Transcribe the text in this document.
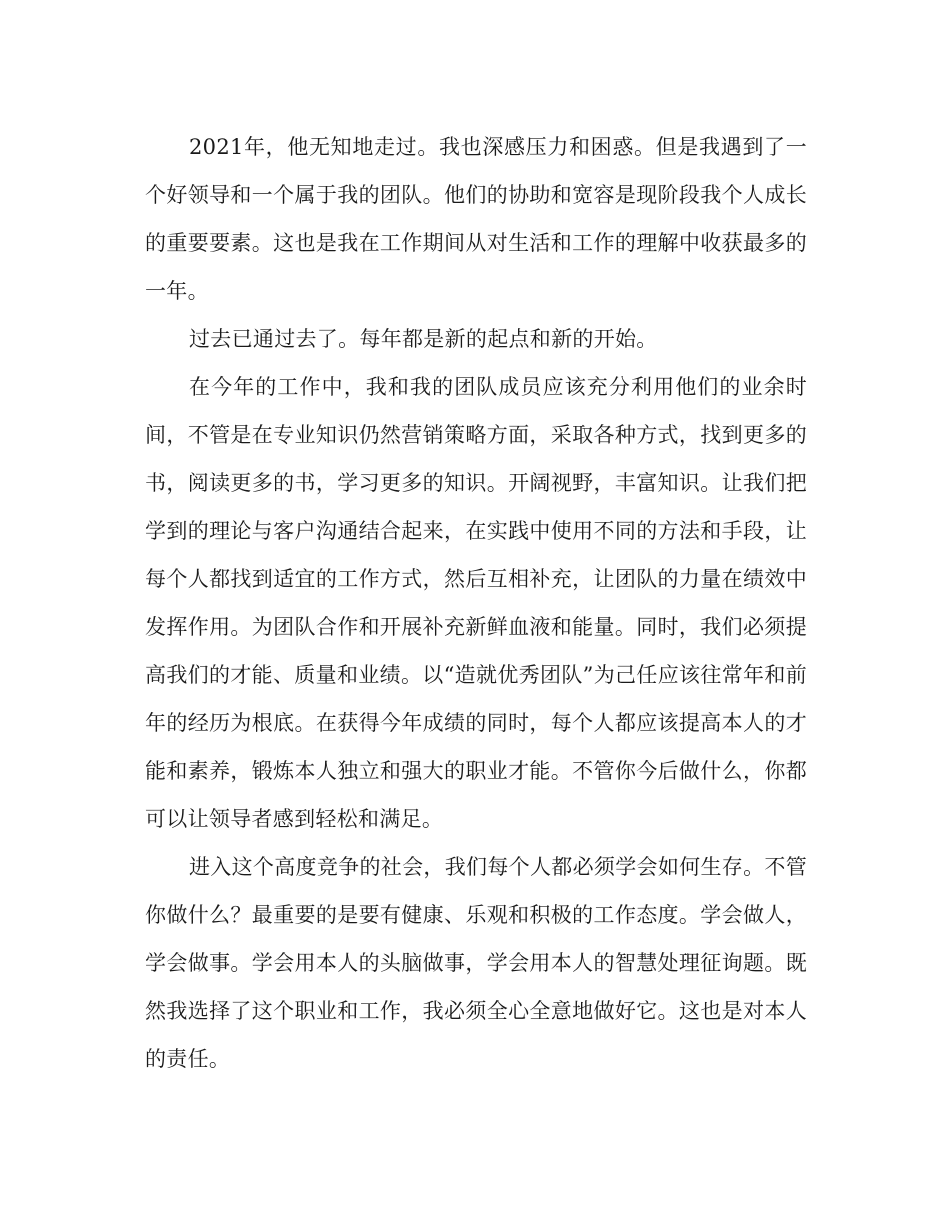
2021年，他无知地走过。我也深感压力和困惑。但是我遇到了一个好领导和一个属于我的团队。他们的协助和宽容是现阶段我个人成长的重要要素。这也是我在工作期间从对生活和工作的理解中收获最多的一年。

过去已通过去了。每年都是新的起点和新的开始。

在今年的工作中，我和我的团队成员应该充分利用他们的业余时间，不管是在专业知识仍然营销策略方面，采取各种方式，找到更多的书，阅读更多的书，学习更多的知识。开阔视野，丰富知识。让我们把学到的理论与客户沟通结合起来，在实践中使用不同的方法和手段，让每个人都找到适宜的工作方式，然后互相补充，让团队的力量在绩效中发挥作用。为团队合作和开展补充新鲜血液和能量。同时，我们必须提高我们的才能、质量和业绩。以“造就优秀团队”为己任应该往常年和前年的经历为根底。在获得今年成绩的同时，每个人都应该提高本人的才能和素养，锻炼本人独立和强大的职业才能。不管你今后做什么，你都可以让领导者感到轻松和满足。

进入这个高度竞争的社会，我们每个人都必须学会如何生存。不管你做什么？最重要的是要有健康、乐观和积极的工作态度。学会做人，学会做事。学会用本人的头脑做事，学会用本人的智慧处理征询题。既然我选择了这个职业和工作，我必须全心全意地做好它。这也是对本人的责任。
